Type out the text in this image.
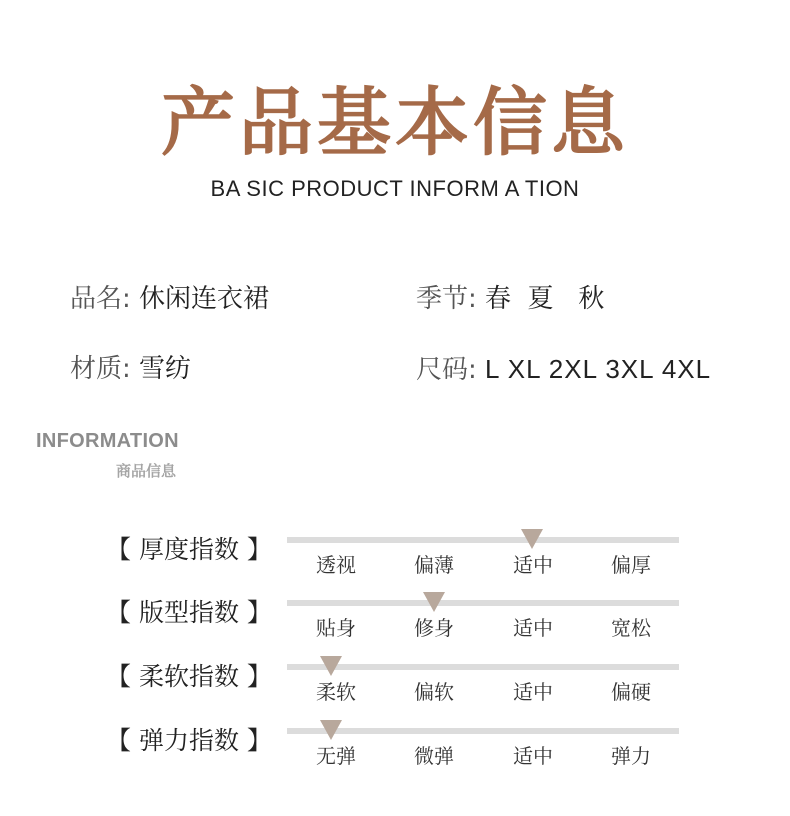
产品基本信息
BA SIC PRODUCT INFORM A TION
品名: 休闲连衣裙	季节: 春  夏   秋
材质: 雪纺	尺码: L XL 2XL 3XL 4XL
INFORMATION
商品信息
【 厚度指数 】
透视	偏薄	适中	偏厚
【 版型指数 】
贴身	修身	适中	宽松
【 柔软指数 】
柔软	偏软	适中	偏硬
【 弹力指数 】
无弹	微弹	适中	弹力
